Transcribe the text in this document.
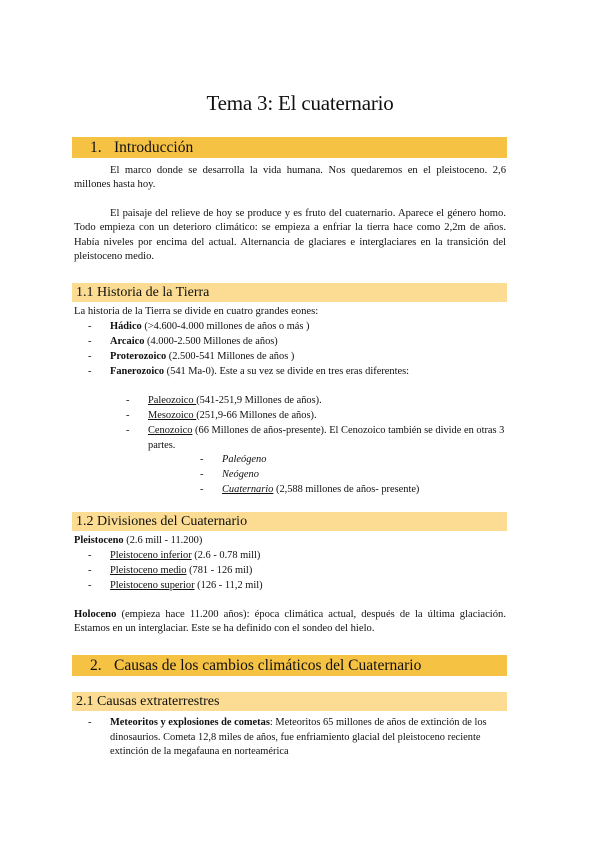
Tema 3: El cuaternario
1. Introducción
El marco donde se desarrolla la vida humana. Nos quedaremos en el pleistoceno. 2,6 millones hasta hoy.
El paisaje del relieve de hoy se produce y es fruto del cuaternario. Aparece el género homo. Todo empieza con un deterioro climático: se empieza a enfriar la tierra hace como 2,2m de años. Había niveles por encima del actual. Alternancia de glaciares e interglaciares en la transición del pleistoceno medio.
1.1 Historia de la Tierra
La historia de la Tierra se divide en cuatro grandes eones:
- Hádico (>4.600-4.000 millones de años o más )
- Arcaico (4.000-2.500 Millones de años)
- Proterozoico (2.500-541 Millones de años )
- Fanerozoico (541 Ma-0). Este a su vez se divide en tres eras diferentes:
- Paleozoico (541-251,9 Millones de años).
- Mesozoico (251,9-66 Millones de años).
-	Cenozoico (66 Millones de años-presente). El Cenozoico también se divide en otras 3 partes.
- Paleógeno
- Neógeno
- Cuaternario (2,588 millones de años- presente)
1.2 Divisiones del Cuaternario
Pleistoceno (2.6 mill - 11.200)
- Pleistoceno inferior (2.6 - 0.78 mill)
- Pleistoceno medio (781 - 126 mil)
- Pleistoceno superior (126 - 11,2 mil)
Holoceno (empieza hace 11.200 años): época climática actual, después de la última glaciación. Estamos en un interglaciar. Este se ha definido con el sondeo del hielo.
2. Causas de los cambios climáticos del Cuaternario
2.1 Causas extraterrestres
-	Meteoritos y explosiones de cometas: Meteoritos 65 millones de años de extinción de los dinosaurios. Cometa 12,8 miles de años, fue enfriamiento glacial del pleistoceno reciente extinción de la megafauna en norteamérica
